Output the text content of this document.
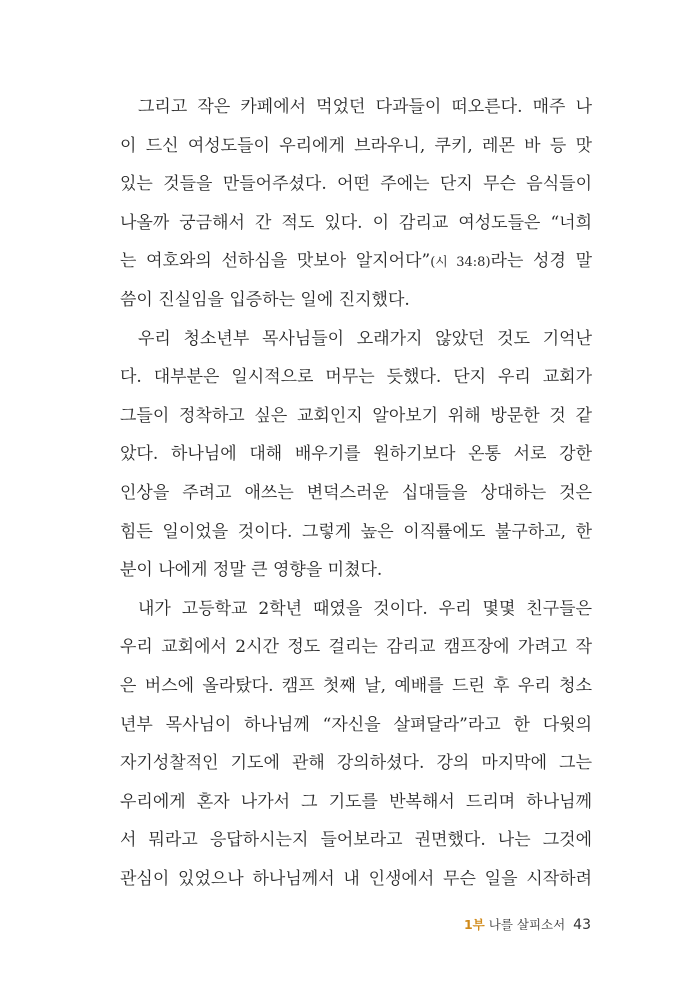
그리고 작은 카페에서 먹었던 다과들이 떠오른다. 매주 나
이 드신 여성도들이 우리에게 브라우니, 쿠키, 레몬 바 등 맛
있는 것들을 만들어주셨다. 어떤 주에는 단지 무슨 음식들이
나올까 궁금해서 간 적도 있다. 이 감리교 여성도들은 “너희
는 여호와의 선하심을 맛보아 알지어다”(시 34:8)라는 성경 말
씀이 진실임을 입증하는 일에 진지했다.
우리 청소년부 목사님들이 오래가지 않았던 것도 기억난
다. 대부분은 일시적으로 머무는 듯했다. 단지 우리 교회가
그들이 정착하고 싶은 교회인지 알아보기 위해 방문한 것 같
았다. 하나님에 대해 배우기를 원하기보다 온통 서로 강한
인상을 주려고 애쓰는 변덕스러운 십대들을 상대하는 것은
힘든 일이었을 것이다. 그렇게 높은 이직률에도 불구하고, 한
분이 나에게 정말 큰 영향을 미쳤다.
내가 고등학교 2학년 때였을 것이다. 우리 몇몇 친구들은
우리 교회에서 2시간 정도 걸리는 감리교 캠프장에 가려고 작
은 버스에 올라탔다. 캠프 첫째 날, 예배를 드린 후 우리 청소
년부 목사님이 하나님께 “자신을 살펴달라”라고 한 다윗의
자기성찰적인 기도에 관해 강의하셨다. 강의 마지막에 그는
우리에게 혼자 나가서 그 기도를 반복해서 드리며 하나님께
서 뭐라고 응답하시는지 들어보라고 권면했다. 나는 그것에
관심이 있었으나 하나님께서 내 인생에서 무슨 일을 시작하려
1부 나를 살피소서 43
